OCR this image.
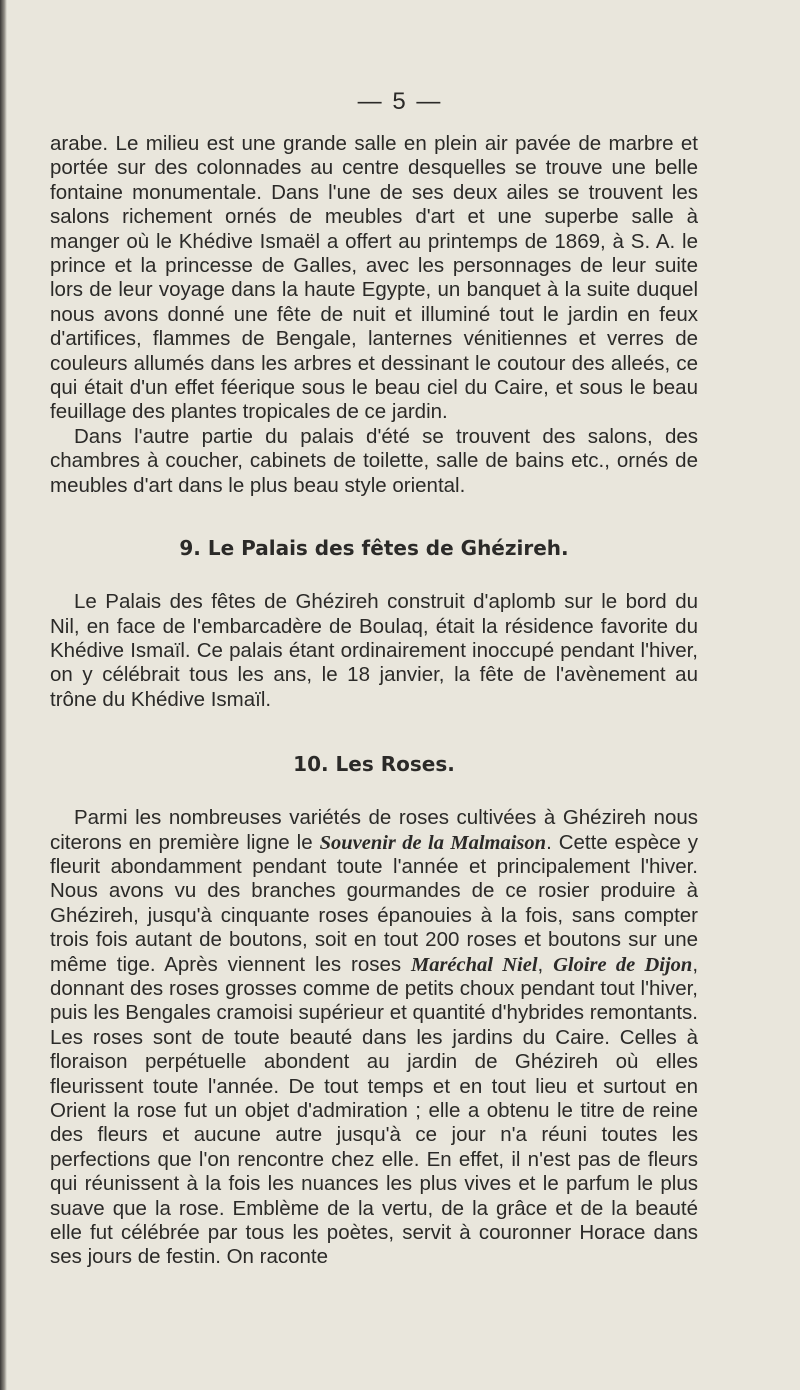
— 5 —

arabe. Le milieu est une grande salle en plein air pavée de marbre et portée sur des colonnades au centre desquelles se trouve une belle fontaine monumentale. Dans l'une de ses deux ailes se trouvent les salons richement ornés de meubles d'art et une superbe salle à manger où le Khédive Ismaël a offert au printemps de 1869, à S. A. le prince et la princesse de Galles, avec les personnages de leur suite lors de leur voyage dans la haute Egypte, un banquet à la suite duquel nous avons donné une fête de nuit et illuminé tout le jardin en feux d'artifices, flammes de Bengale, lanternes vénitiennes et verres de couleurs allumés dans les arbres et dessinant le coutour des alleés, ce qui était d'un effet féerique sous le beau ciel du Caire, et sous le beau feuillage des plantes tropicales de ce jardin.

Dans l'autre partie du palais d'été se trouvent des salons, des chambres à coucher, cabinets de toilette, salle de bains etc., ornés de meubles d'art dans le plus beau style oriental.

9. Le Palais des fêtes de Ghézireh.

Le Palais des fêtes de Ghézireh construit d'aplomb sur le bord du Nil, en face de l'embarcadère de Boulaq, était la résidence favorite du Khédive Ismaïl. Ce palais étant ordinairement inoccupé pendant l'hiver, on y célébrait tous les ans, le 18 janvier, la fête de l'avènement au trône du Khédive Ismaïl.

10. Les Roses.

Parmi les nombreuses variétés de roses cultivées à Ghézireh nous citerons en première ligne le Souvenir de la Malmaison. Cette espèce y fleurit abondamment pendant toute l'année et principalement l'hiver. Nous avons vu des branches gourmandes de ce rosier produire à Ghézireh, jusqu'à cinquante roses épanouies à la fois, sans compter trois fois autant de boutons, soit en tout 200 roses et boutons sur une même tige. Après viennent les roses Maréchal Niel, Gloire de Dijon, donnant des roses grosses comme de petits choux pendant tout l'hiver, puis les Bengales cramoisi supérieur et quantité d'hybrides remontants. Les roses sont de toute beauté dans les jardins du Caire. Celles à floraison perpétuelle abondent au jardin de Ghézireh où elles fleurissent toute l'année. De tout temps et en tout lieu et surtout en Orient la rose fut un objet d'admiration ; elle a obtenu le titre de reine des fleurs et aucune autre jusqu'à ce jour n'a réuni toutes les perfections que l'on rencontre chez elle. En effet, il n'est pas de fleurs qui réunissent à la fois les nuances les plus vives et le parfum le plus suave que la rose. Emblème de la vertu, de la grâce et de la beauté elle fut célébrée par tous les poètes, servit à couronner Horace dans ses jours de festin. On raconte
